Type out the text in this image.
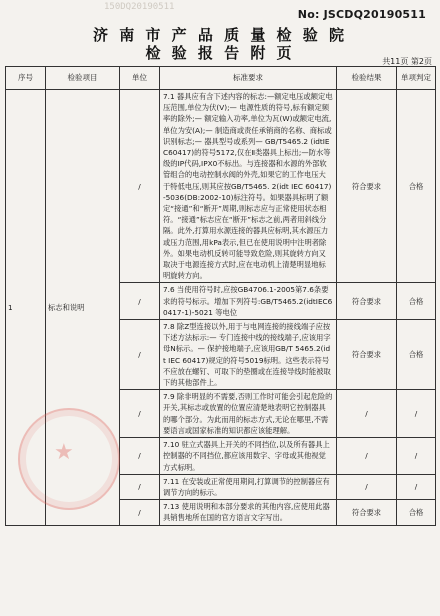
150DQ20190511
No: JSCDQ20190511
济 南 市 产 品 质 量 检 验 院
检 验 报 告 附 页	共11页 第2页
序号	检验项目	单位	标准要求	检验结果	单项判定
1	标志和说明	/	7.1 器具应有含下述内容的标志:—额定电压或额定电压范围,单位为伏(V);— 电源性质的符号,标有额定频率的除外;— 额定输入功率,单位为瓦(W)或额定电流,单位为安(A);— 制造商或责任承销商的名称、商标或识别标志;— 器具型号或系列— GB/T5465.2 (idtIEC60417)的符号5172,仅在Ⅱ类器具上标出;—防水等级的IP代码,IPX0不标出。与连接器和水源的外部软管组合的电动控制水阀的外壳,如果它的工作电压大于特低电压,则其应按GB/T5465. 2(idt IEC 60417)-5036(DB:2002-10)标注符号。如果器具标明了额定“接通”和“断开”周期,则标志应与正常使用状态相符。“接通”标志应在“断开”标志之前,两者用斜线分隔。此外,打算用水源连接的器具应标明,其水源压力或压力范围,用kPa表示,但已在使用说明中注明者除外。如果电动机反转可能导致危险,则其旋转方向又取决于电源连接方式时,应在电动机上清楚明显地标明旋转方向。	符合要求	合格
		/	7.6 当使用符号时,应按GB4706.1-2005第7.6条要求的符号标示。增加下列符号:GB/T5465.2(idtIEC60417-1)-5021 等电位	符合要求	合格
		/	7.8 除Z型连接以外,用于与电网连接的接线端子应按下述方法标示:— 专门连接中线的接线端子,应该用字母N标示。— 保护接地端子,应该用GB/T 5465.2(idt IEC 60417)规定的符号5019标明。这些表示符号不应放在螺钉、可取下的垫圈或在连接导线时能被取下的其他部件上。	符合要求	合格
		/	7.9 除非明显的不需要,否则工作时可能会引起危险的开关,其标志或放置的位置应清楚地表明它控制器具的哪个部分。为此而用的标志方式,无论在哪里,不需要语言或国家标准的知识都应该能理解。	/	/
		/	7.10 驻立式器具上开关的不同挡位,以及所有器具上控制器的不同挡位,都应该用数字、字母或其他视觉方式标明。	/	/
		/	7.11 在安装或正常使用期间,打算调节的控制器应有调节方向的标示。	/	/
		/	7.13 使用说明和本部分要求的其他内容,应使用此器具销售地所在国的官方语言文字写出。	符合要求	合格
★
